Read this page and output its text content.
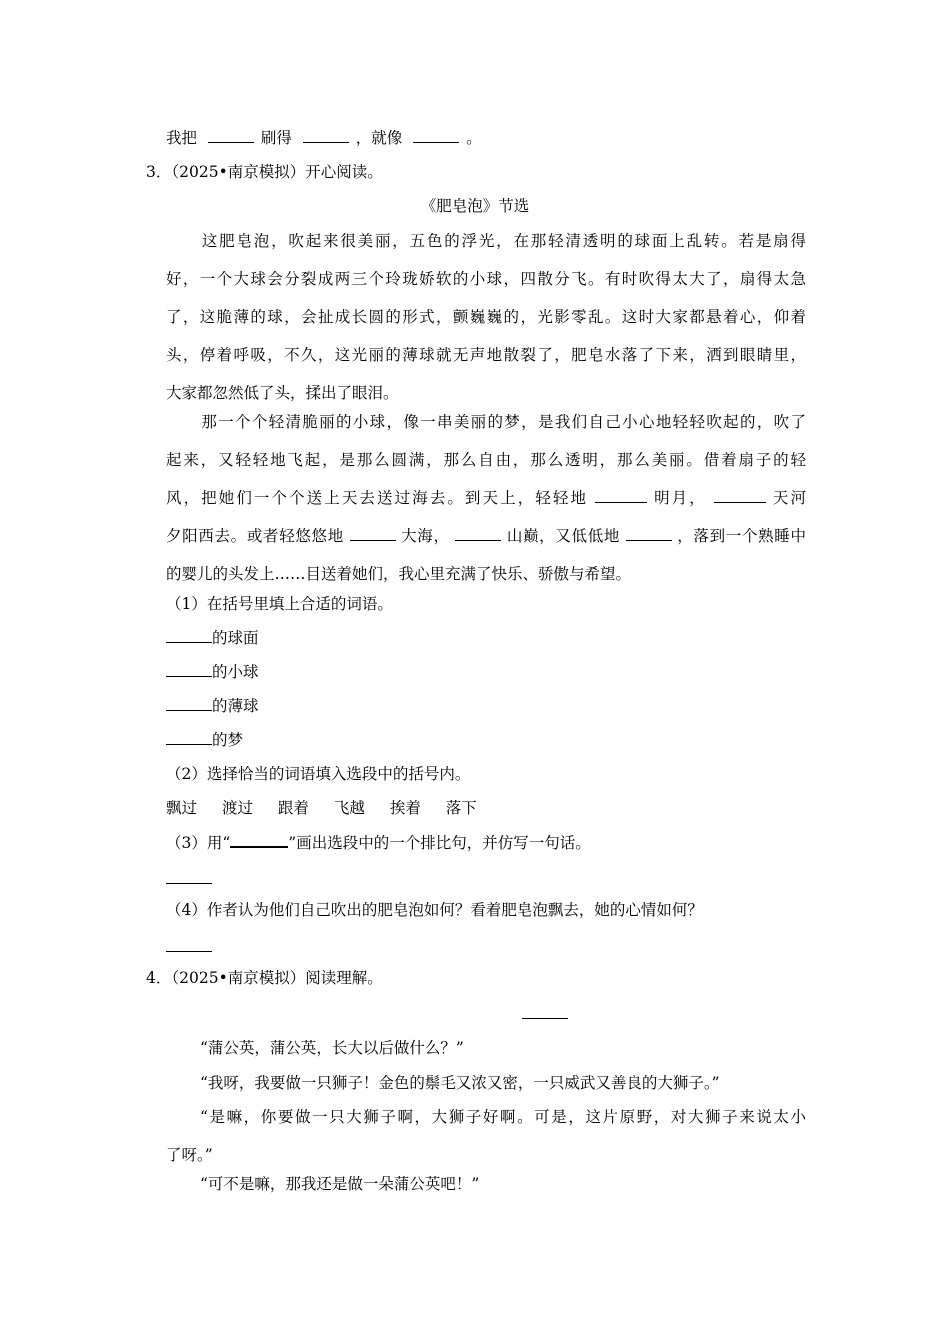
我把	刷得	，就像	。
3．（2025•南京模拟）开心阅读。
《肥皂泡》节选
这肥皂泡，吹起来很美丽，五色的浮光，在那轻清透明的球面上乱转。若是扇得
好，一个大球会分裂成两三个玲珑娇软的小球，四散分飞。有时吹得太大了，扇得太急
了，这脆薄的球，会扯成长圆的形式，颤巍巍的，光影零乱。这时大家都悬着心，仰着
头，停着呼吸，不久，这光丽的薄球就无声地散裂了，肥皂水落了下来，洒到眼睛里，
大家都忽然低了头，揉出了眼泪。
那一个个轻清脆丽的小球，像一串美丽的梦，是我们自己小心地轻轻吹起的，吹了
起来，又轻轻地飞起，是那么圆满，那么自由，那么透明，那么美丽。借着扇子的轻
风，把她们一个个送上天去送过海去。到天上，轻轻地	明月，	天河
夕阳西去。或者轻悠悠地	大海，	山巅，又低低地	，落到一个熟睡中
的婴儿的头发上……目送着她们，我心里充满了快乐、骄傲与希望。
（1）在括号里填上合适的词语。
的球面
的小球
的薄球
的梦
（2）选择恰当的词语填入选段中的括号内。
飘过 渡过 跟着 飞越 挨着 落下
（3）用“	”画出选段中的一个排比句，并仿写一句话。
（4）作者认为他们自己吹出的肥皂泡如何？看着肥皂泡飘去，她的心情如何？
4．（2025•南京模拟）阅读理解。
“蒲公英，蒲公英，长大以后做什么？”
“我呀，我要做一只狮子！金色的鬃毛又浓又密，一只威武又善良的大狮子。”
“是嘛，你要做一只大狮子啊，大狮子好啊。可是，这片原野，对大狮子来说太小
了呀。”
“可不是嘛，那我还是做一朵蒲公英吧！”
